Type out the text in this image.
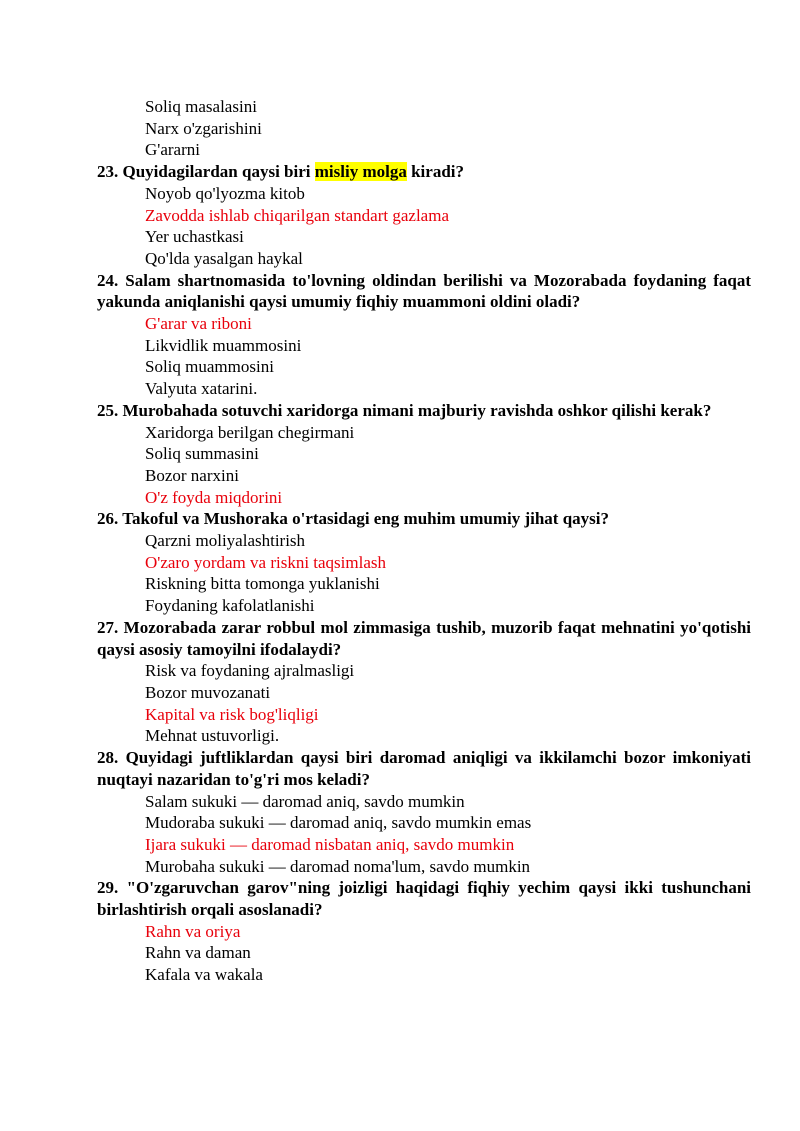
Soliq masalasini
Narx o'zgarishini
G'ararni
23. Quyidagilardan qaysi biri misliy molga kiradi?
Noyob qo'lyozma kitob
Zavodda ishlab chiqarilgan standart gazlama
Yer uchastkasi
Qo'lda yasalgan haykal
24. Salam shartnomasida to'lovning oldindan berilishi va Mozorabada foydaning faqat yakunda aniqlanishi qaysi umumiy fiqhiy muammoni oldini oladi?
G'arar va riboni
Likvidlik muammosini
Soliq muammosini
Valyuta xatarini.
25. Murobahada sotuvchi xaridorga nimani majburiy ravishda oshkor qilishi kerak?
Xaridorga berilgan chegirmani
Soliq summasini
Bozor narxini
O'z foyda miqdorini
26. Takoful va Mushoraka o'rtasidagi eng muhim umumiy jihat qaysi?
Qarzni moliyalashtirish
O'zaro yordam va riskni taqsimlash
Riskning bitta tomonga yuklanishi
Foydaning kafolatlanishi
27. Mozorabada zarar robbul mol zimmasiga tushib, muzorib faqat mehnatini yo'qotishi qaysi asosiy tamoyilni ifodalaydi?
Risk va foydaning ajralmasligi
Bozor muvozanati
Kapital va risk bog'liqligi
Mehnat ustuvorligi.
28. Quyidagi juftliklardan qaysi biri daromad aniqligi va ikkilamchi bozor imkoniyati nuqtayi nazaridan to'g'ri mos keladi?
Salam sukuki — daromad aniq, savdo mumkin
Mudoraba sukuki — daromad aniq, savdo mumkin emas
Ijara sukuki — daromad nisbatan aniq, savdo mumkin
Murobaha sukuki — daromad noma'lum, savdo mumkin
29. "O'zgaruvchan garov"ning joizligi haqidagi fiqhiy yechim qaysi ikki tushunchani birlashtirish orqali asoslanadi?
Rahn va oriya
Rahn va daman
Kafala va wakala
